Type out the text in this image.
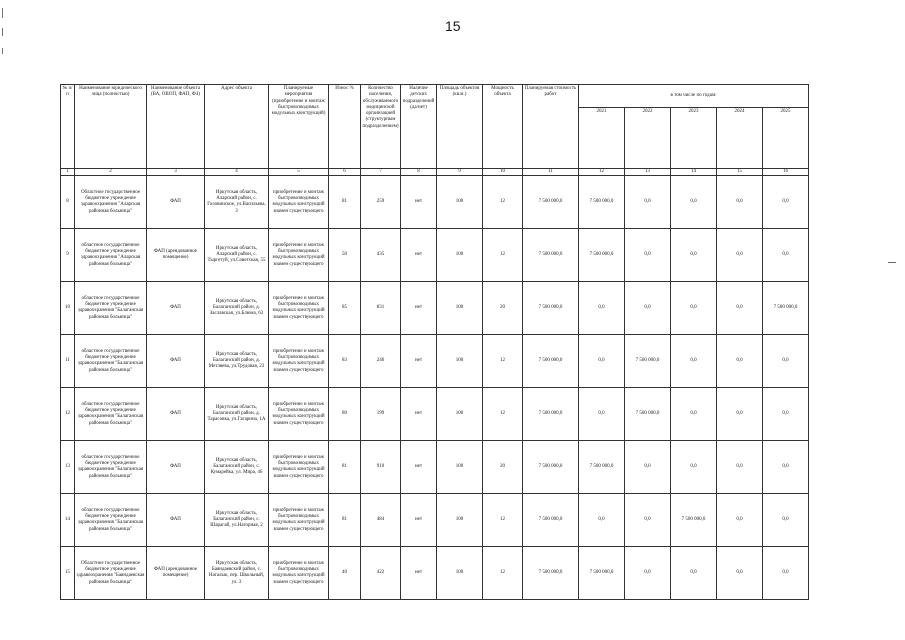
15
№ п/п	Наименование юридического лица (полностью)	Наименование объекта (ВА, ОВОП, ФАП, ФЗ)	Адрес объекта	Планируемые мероприятия (приобретение и монтаж быстровозводимых модульных конструкций)	Износ %	Количество населения, обслуживаемого медицинской организацией (структурным подразделением)	Наличие детских подразделений (да/нет)	Площадь объектов (кв.м.)	Мощность объекта	Планируемая стоимость работ	в том числе по годам:				
											2021	2022	2023	2024	2025
1	2	3	4	5	6	7	8	9	10	11	12	13	14	15	16
8	Областное государственное бюджетное учреждение здравоохранения "Аларская районная больница"	ФАП	Иркутская область, Аларский район, с. Головинское, ул.Васильева, 3	приобретение и монтаж быстровозводимых модульных конструкций взамен существующего	81	259	нет	100	12	7 500 000,0	7 500 000,0	0,0	0,0	0,0	0,0
9	областное государственное бюджетное учреждение здравоохранения "Аларская районная больница"	ФАП (арендованное помещение)	Иркутская область, Аларский район, с. Тыргетуй, ул.Советская, 55	приобретение и монтаж быстровозводимых модульных конструкций взамен существующего	50	435	нет	100	12	7 500 000,0	7 500 000,0	0,0	0,0	0,0	0,0
10	областное государственное бюджетное учреждение здравоохранения "Балаганская районная больница"	ФАП	Иркутская область, Балаганский район, д. Заславская, ул.Блюма, 63	приобретение и монтаж быстровозводимых модульных конструкций взамен существующего	85	831	нет	100	20	7 500 000,0	0,0	0,0	0,0	0,0	7 500 000,0
11	областное государственное бюджетное учреждение здравоохранения "Балаганская районная больница"	ФАП	Иркутская область, Балаганский район, д. Метляева, ул.Трудовая, 23	приобретение и монтаж быстровозводимых модульных конструкций взамен существующего	83	246	нет	100	12	7 500 000,0	0,0	7 500 000,0	0,0	0,0	0,0
12	областное государственное бюджетное учреждение здравоохранения "Балаганская районная больница"	ФАП	Иркутская область, Балаганский район, д. Тарасовка, ул.Гагарина, 1А	приобретение и монтаж быстровозводимых модульных конструкций взамен существующего	80	199	нет	100	12	7 500 000,0	0,0	7 500 000,0	0,0	0,0	0,0
13	областное государственное бюджетное учреждение здравоохранения "Балаганская районная больница"	ФАП	Иркутская область, Балаганский район, с. Кумарейка, ул. Мира, 46	приобретение и монтаж быстровозводимых модульных конструкций взамен существующего	81	910	нет	100	20	7 500 000,0	7 500 000,0	0,0	0,0	0,0	0,0
14	областное государственное бюджетное учреждение здравоохранения "Балаганская районная больница"	ФАП	Иркутская область, Балаганский район, с. Шарагай, ул.Нагорная, 2	приобретение и монтаж быстровозводимых модульных конструкций взамен существующего	81	484	нет	100	12	7 500 000,0	0,0	0,0	7 500 000,0	0,0	0,0
15	Областное государственное бюджетное учреждение здравоохранения "Баяндаевская районная больница"	ФАП (арендованное помещение)	Иркутская область, Баяндаевский район, с. Нагалык, пер. Школьный, ул. 3	приобретение и монтаж быстровозводимых модульных конструкций взамен существующего	40	422	нет	100	12	7 500 000,0	7 500 000,0	0,0	0,0	0,0	0,0
